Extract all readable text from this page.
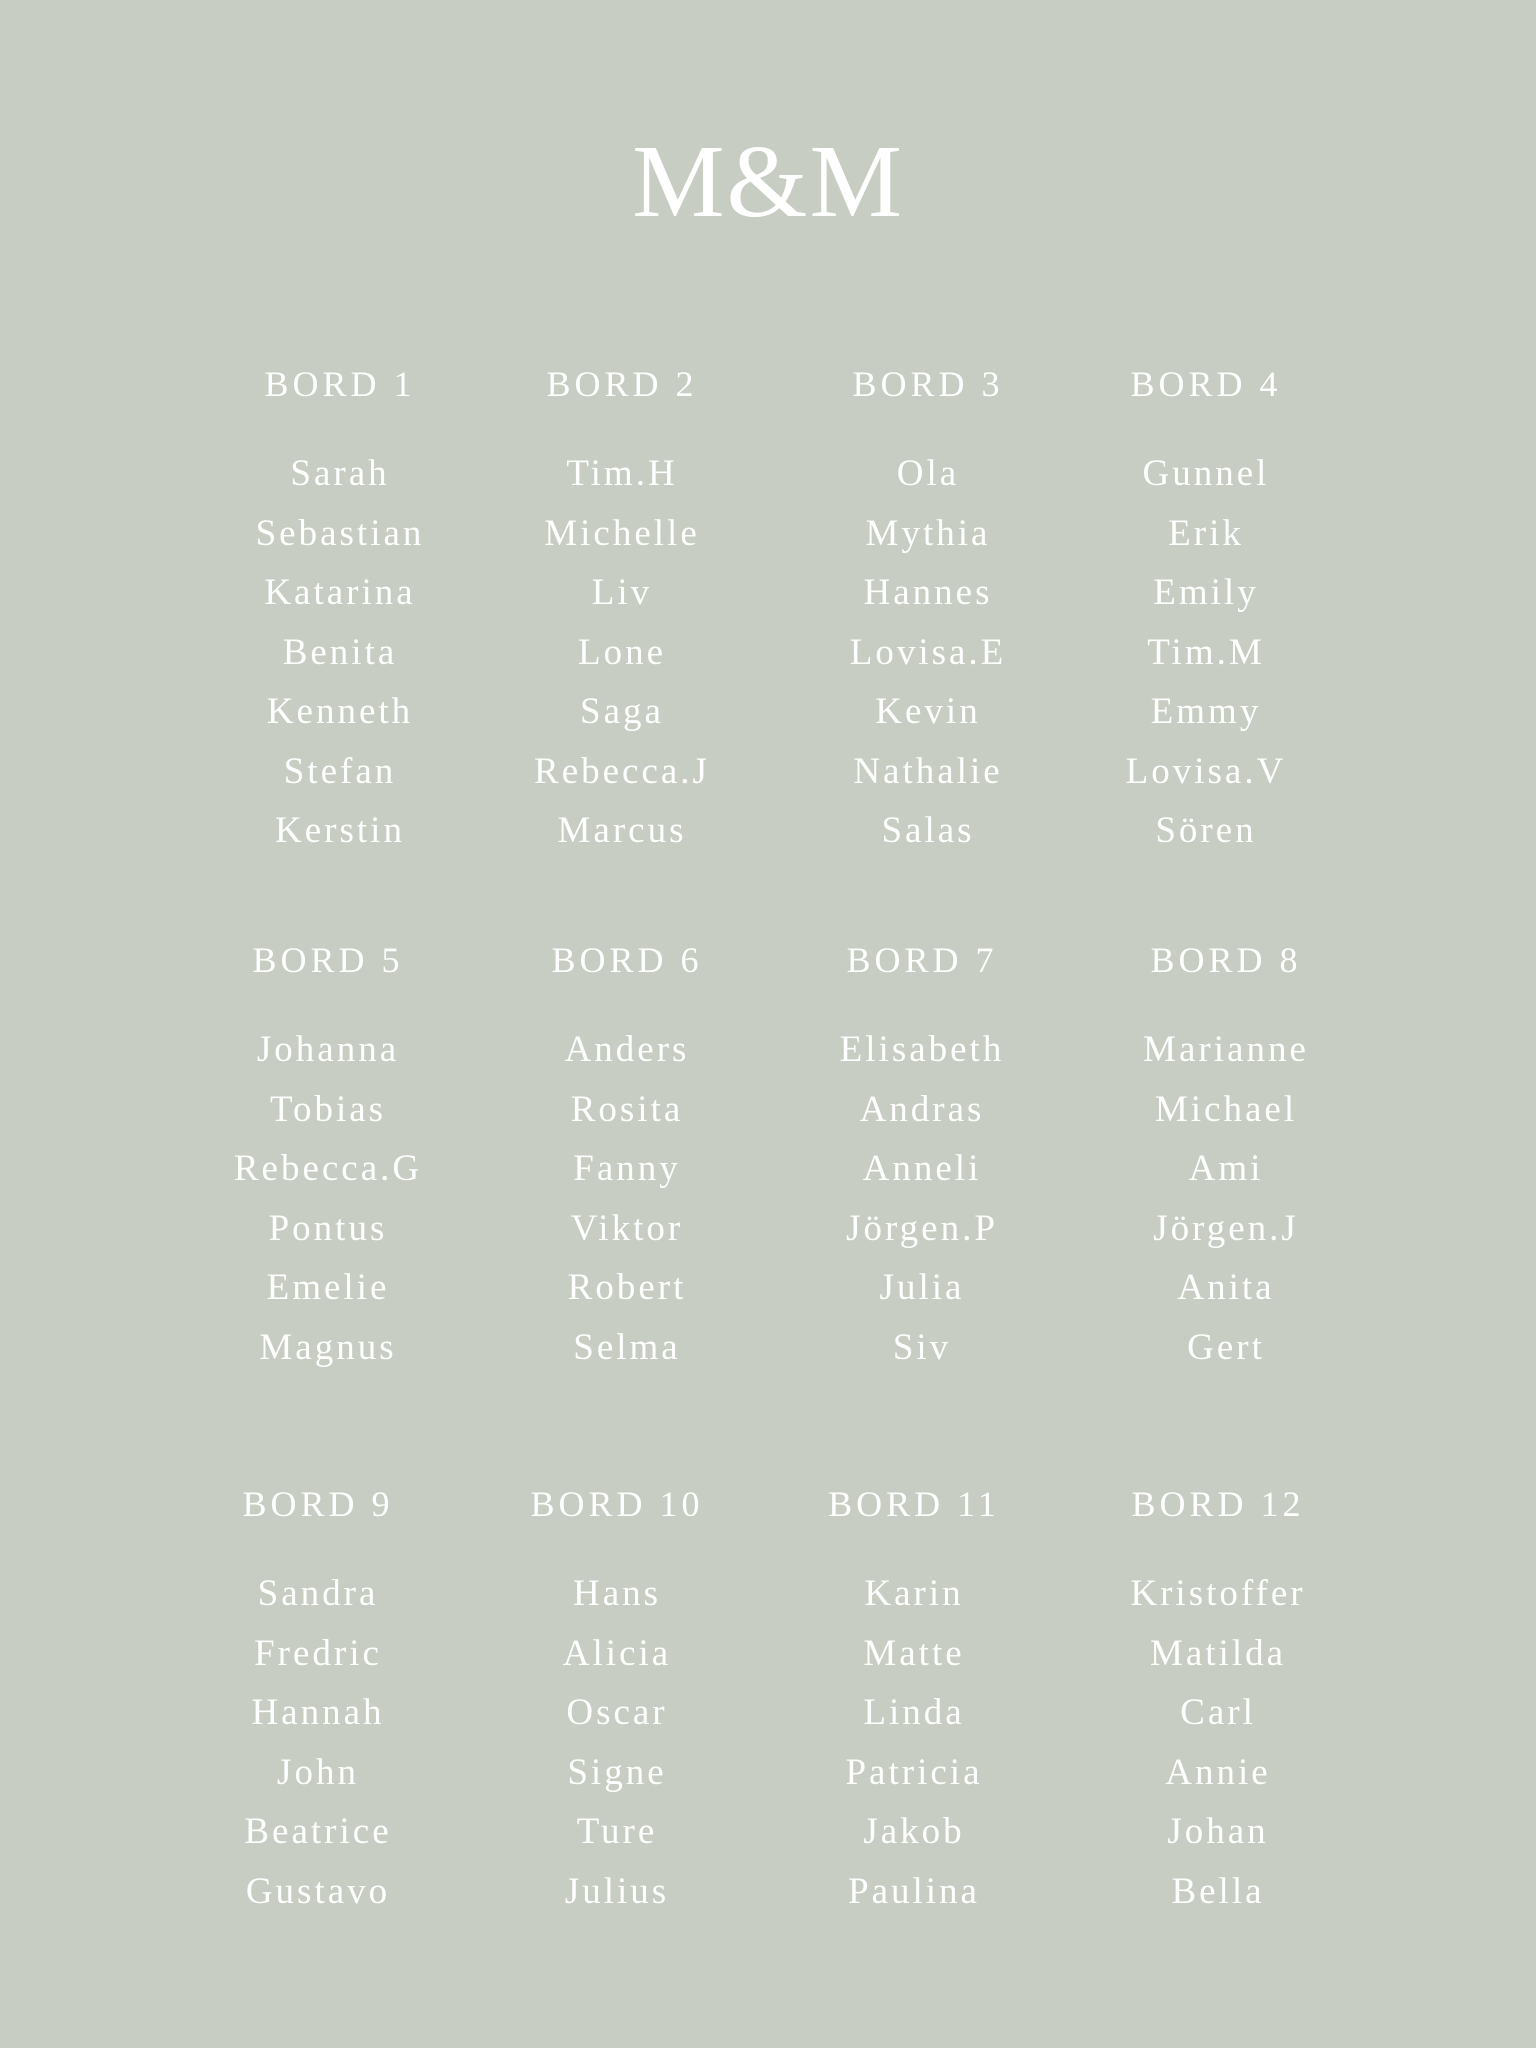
M&M
BORD 1
Sarah
Sebastian
Katarina
Benita
Kenneth
Stefan
Kerstin
BORD 2
Tim.H
Michelle
Liv
Lone
Saga
Rebecca.J
Marcus
BORD 3
Ola
Mythia
Hannes
Lovisa.E
Kevin
Nathalie
Salas
BORD 4
Gunnel
Erik
Emily
Tim.M
Emmy
Lovisa.V
Sören
BORD 5
Johanna
Tobias
Rebecca.G
Pontus
Emelie
Magnus
BORD 6
Anders
Rosita
Fanny
Viktor
Robert
Selma
BORD 7
Elisabeth
Andras
Anneli
Jörgen.P
Julia
Siv
BORD 8
Marianne
Michael
Ami
Jörgen.J
Anita
Gert
BORD 9
Sandra
Fredric
Hannah
John
Beatrice
Gustavo
BORD 10
Hans
Alicia
Oscar
Signe
Ture
Julius
BORD 11
Karin
Matte
Linda
Patricia
Jakob
Paulina
BORD 12
Kristoffer
Matilda
Carl
Annie
Johan
Bella
